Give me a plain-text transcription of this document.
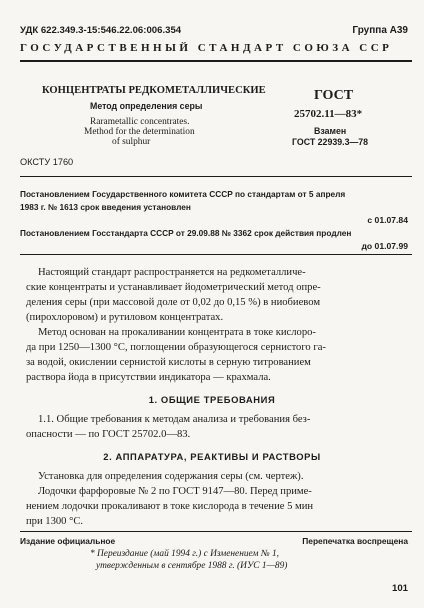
УДК 622.349.3-15:546.22.06:006.354	Группа А39
ГОСУДАРСТВЕННЫЙ СТАНДАРТ СОЮЗА ССР
КОНЦЕНТРАТЫ РЕДКОМЕТАЛЛИЧЕСКИЕ
Метод определения серы
Rarametallic concentrates.
Method for the determination
of sulphur
ГОСТ
25702.11—83*
Взамен
ГОСТ 22939.3—78
ОКСТУ 1760
Постановлением Государственного комитета СССР по стандартам от 5 апреля
1983 г. № 1613 срок введения установлен
с 01.07.84
Постановлением Госстандарта СССР от 29.09.88 № 3362 срок действия продлен
до 01.07.99
Настоящий стандарт распространяется на редкометалличе-
ские концентраты и устанавливает йодометрический метод опре-
деления серы (при массовой доле от 0,02 до 0,15 %) в ниобиевом
(пирохлоровом) и рутиловом концентратах.
Метод основан на прокаливании концентрата в токе кислоро-
да при 1250—1300 °С, поглощении образующегося сернистого га-
за водой, окислении сернистой кислоты в серную титрованием
раствора йода в присутствии индикатора — крахмала.
1. ОБЩИЕ ТРЕБОВАНИЯ
1.1. Общие требования к методам анализа и требования без-
опасности — по ГОСТ 25702.0—83.
2. АППАРАТУРА, РЕАКТИВЫ И РАСТВОРЫ
Установка для определения содержания серы (см. чертеж).
Лодочки фарфоровые № 2 по ГОСТ 9147—80. Перед приме-
нением лодочки прокаливают в токе кислорода в течение 5 мин
при 1300 °С.
Издание официальное	Перепечатка воспрещена
* Переиздание (май 1994 г.) с Изменением № 1,
утвержденным в сентябре 1988 г. (ИУС 1—89)
101
